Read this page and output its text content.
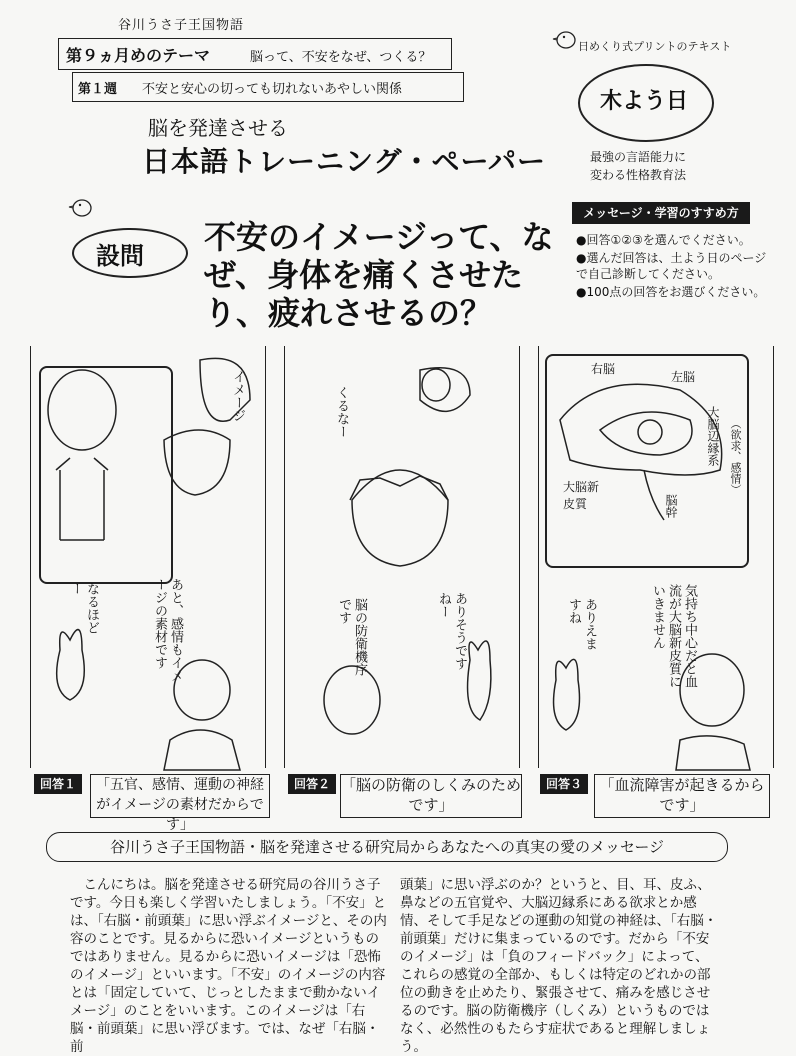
谷川うさ子王国物語
第９ヵ月めのテーマ	脳って、不安をなぜ、つくる？
第１週 不安と安心の切っても切れないあやしい関係
日めくり式プリントのテキスト
木よう日
脳を発達させる
日本語トレーニング・ペーパー	最強の言語能力に
変わる性格教育法
メッセージ・学習のすすめ方
●回答①②③を選んでください。
●選んだ回答は、土よう日のページで自己診断してください。
●100点の回答をお選びください。
設問 不安のイメージって、なぜ、身体を痛くさせたり、疲れさせるの？
イメージ
あと、感情もイメージの素材です
なるほどー
くるなー
脳の防衛機序です	ありそうですねー
右脳
左脳
大脳辺縁系 （欲求、感情）
大脳新皮質	脳幹
気持ち中心だと血流が大脳新皮質にいきません
ありえますね
回答１	「五官、感情、運動の神経がイメージの素材だからです」
回答２ 「脳の防衛のしくみのためです」
回答３	「血流障害が起きるからです」
谷川うさ子王国物語・脳を発達させる研究局からあなたへの真実の愛のメッセージ
こんにちは。脳を発達させる研究局の谷川うさ子です。今日も楽しく学習いたしましょう。「不安」とは、「右脳・前頭葉」に思い浮ぶイメージと、その内容のことです。見るからに恐いイメージというものではありません。見るからに恐いイメージは「恐怖のイメージ」といいます。「不安」のイメージの内容とは「固定していて、じっとしたままで動かないイメージ」のことをいいます。このイメージは「右脳・前頭葉」に思い浮びます。では、なぜ「右脳・前
頭葉」に思い浮ぶのか？というと、目、耳、皮ふ、鼻などの五官覚や、大脳辺縁系にある欲求とか感情、そして手足などの運動の知覚の神経は、「右脳・前頭葉」だけに集まっているのです。だから「不安のイメージ」は「負のフィードバック」によって、これらの感覚の全部か、もしくは特定のどれかの部位の動きを止めたり、緊張させて、痛みを感じさせるのです。脳の防衛機序（しくみ）というものではなく、必然性のもたらす症状であると理解しましょう。
